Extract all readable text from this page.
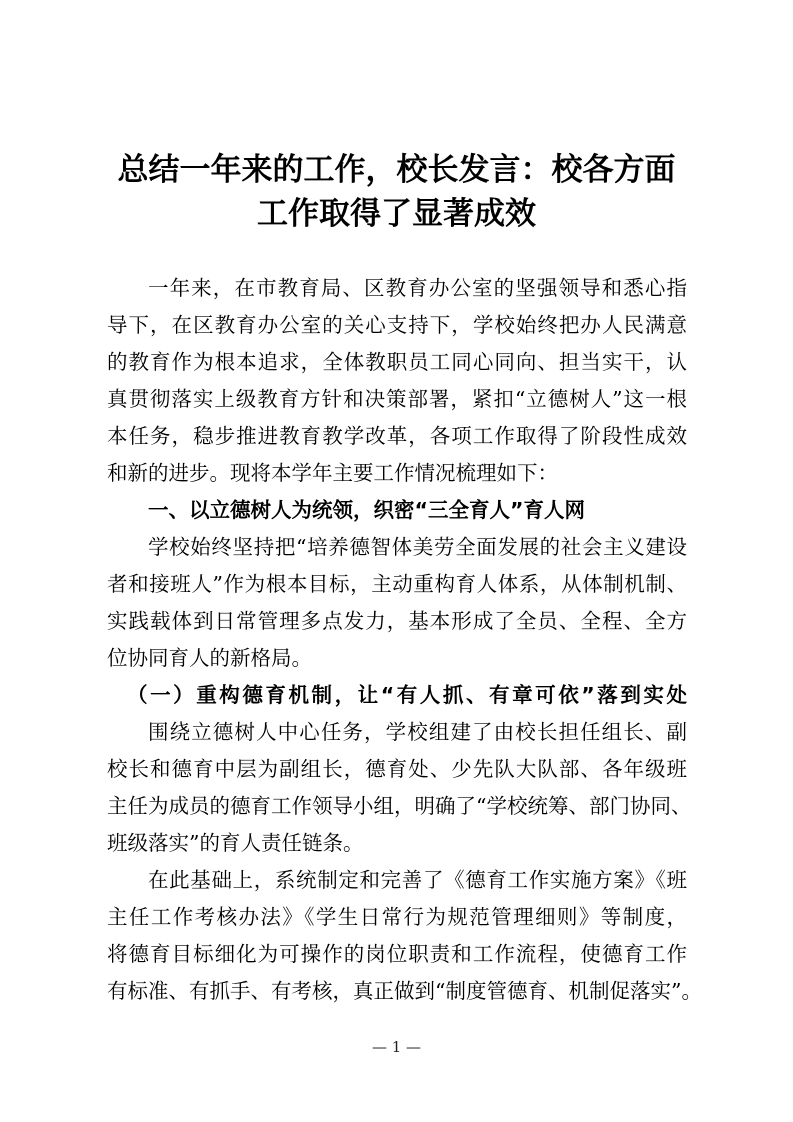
总结一年来的工作，校长发言：校各方面
工作取得了显著成效
一年来，在市教育局、区教育办公室的坚强领导和悉心指
导下，在区教育办公室的关心支持下，学校始终把办人民满意
的教育作为根本追求，全体教职员工同心同向、担当实干，认
真贯彻落实上级教育方针和决策部署，紧扣“立德树人”这一根
本任务，稳步推进教育教学改革，各项工作取得了阶段性成效
和新的进步。现将本学年主要工作情况梳理如下：
一、以立德树人为统领，织密“三全育人”育人网
学校始终坚持把“培养德智体美劳全面发展的社会主义建设
者和接班人”作为根本目标，主动重构育人体系，从体制机制、
实践载体到日常管理多点发力，基本形成了全员、全程、全方
位协同育人的新格局。
（一）重构德育机制，让“有人抓、有章可依”落到实处
围绕立德树人中心任务，学校组建了由校长担任组长、副
校长和德育中层为副组长，德育处、少先队大队部、各年级班
主任为成员的德育工作领导小组，明确了“学校统筹、部门协同、
班级落实”的育人责任链条。
在此基础上，系统制定和完善了《德育工作实施方案》《班
主任工作考核办法》《学生日常行为规范管理细则》等制度，
将德育目标细化为可操作的岗位职责和工作流程，使德育工作
有标准、有抓手、有考核，真正做到“制度管德育、机制促落实”。
— 1 —
